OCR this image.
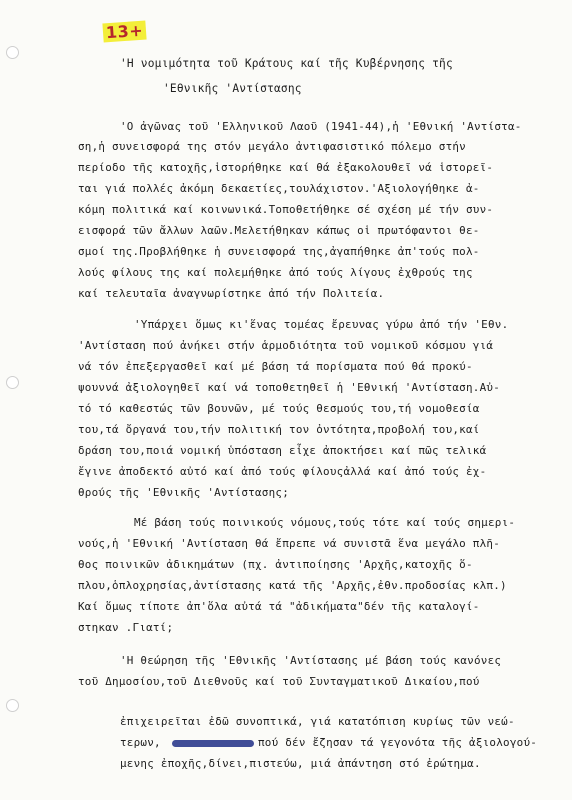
13+
'Η νομιμότητα τοῦ Κράτους καί τῆς Κυβέρνησης τῆς
'Εθνικῆς 'Αντίστασης
'Ο ἀγῶνας τοῦ 'Ελληνικοῦ Λαοῦ (1941-44),ἡ 'Εθνική 'Αντίστα-
ση,ἡ συνεισφορά της στόν μεγάλο ἀντιφασιστικό πόλεμο στήν
περίοδο τῆς κατοχῆς,ἱστορήθηκε καί θά ἐξακολουθεῖ νά ἱστορεῖ-
ται γιά πολλές ἀκόμη δεκαετίες,τουλάχιστον.'Αξιολογήθηκε ἀ-
κόμη πολιτικά καί κοινωνικά.Τοποθετήθηκε σέ σχέση μέ τήν συν-
εισφορά τῶν ἄλλων λαῶν.Μελετήθηκαν κάπως οἱ πρωτόφαντοι θε-
σμοί της.Προβλήθηκε ἡ συνεισφορά της,ἀγαπήθηκε ἀπ'τούς πολ-
λούς φίλους της καί πολεμήθηκε ἀπό τούς λίγους ἐχθρούς της
καί τελευταῖα ἀναγνωρίστηκε ἀπό τήν Πολιτεία.
'Υπάρχει ὅμως κι'ἕνας τομέας ἔρευνας γύρω ἀπό τήν 'Εθν.
'Αντίσταση πού ἀνήκει στήν ἁρμοδιότητα τοῦ νομικοῦ κόσμου γιά
νά τόν ἐπεξεργασθεῖ καί μέ βάση τά πορίσματα πού θά προκύ-
ψουννά ἀξιολογηθεῖ καί νά τοποθετηθεῖ ἡ 'Εθνική 'Αντίσταση.Αὐ-
τό τό καθεστώς τῶν βουνῶν, μέ τούς θεσμούς του,τή νομοθεσία
του,τά ὄργανά του,τήν πολιτική τον ὀντότητα,προβολή του,καί
δράση του,ποιά νομική ὑπόσταση εἶχε ἀποκτήσει καί πῶς τελικά
ἔγινε ἀποδεκτό αὐτό καί ἀπό τούς φίλουςἀλλά καί ἀπό τούς ἐχ-
θρούς τῆς 'Εθνικῆς 'Αντίστασης;
Μέ βάση τούς ποινικούς νόμους,τούς τότε καί τούς σημερι-
νούς,ἡ 'Εθνική 'Αντίσταση θά ἔπρεπε νά συνιστᾶ ἕνα μεγάλο πλῆ-
θος ποινικῶν ἀδικημάτων (πχ. ἀντιποίησης 'Αρχῆς,κατοχῆς ὅ-
πλου,ὁπλοχρησίας,ἀντίστασης κατά τῆς 'Αρχῆς,ἐθν.προδοσίας κλπ.)
Καί ὅμως τίποτε ἀπ'ὅλα αὐτά τά "ἀδικήματα"δέν τῆς καταλογί-
στηκαν .Γιατί;
'Η θεώρηση τῆς 'Εθνικῆς 'Αντίστασης μέ βάση τούς κανόνες
τοῦ Δημοσίου,τοῦ Διεθνοῦς καί τοῦ Συνταγματικοῦ Δικαίου,πού
ἐπιχειρεῖται ἐδῶ συνοπτικά, γιά κατατόπιση κυρίως τῶν νεώ-
τερων,	πού δέν ἔζησαν τά γεγονότα τῆς ἀξιολογού-
μενης ἐποχῆς,δίνει,πιστεύω, μιά ἀπάντηση στό ἐρώτημα.
